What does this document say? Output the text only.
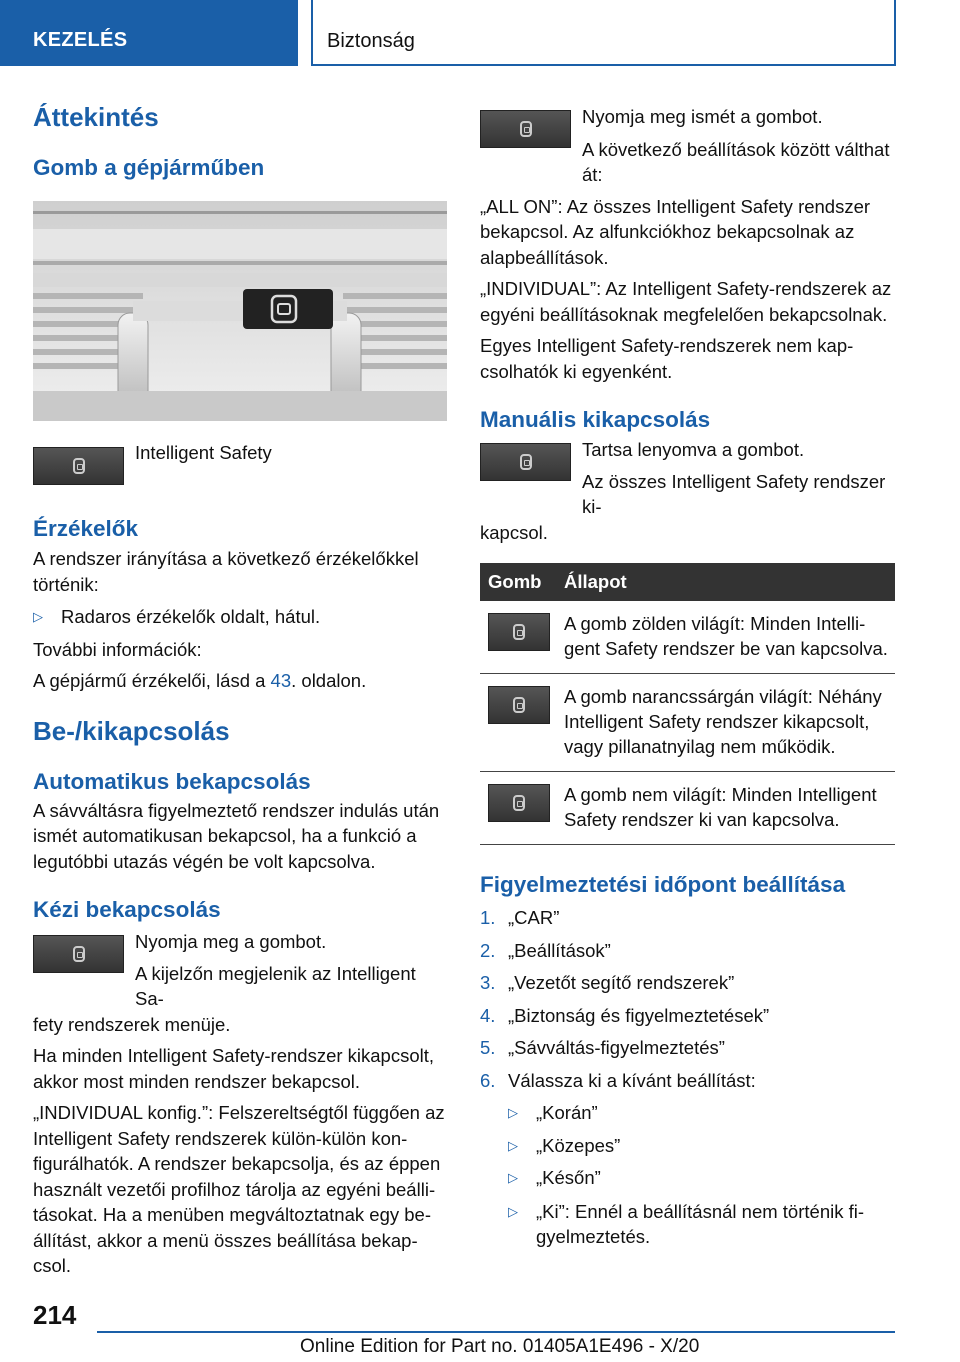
KEZELÉS	Biztonság
Áttekintés
Gomb a gépjárműben

Intelligent Safety

Érzékelők

A rendszer irányítása a következő érzékelőkkel történik:

▷ Radaros érzékelők oldalt, hátul.

További információk:

A gépjármű érzékelői, lásd a 43. oldalon.

Be-/kikapcsolás
Automatikus bekapcsolás

A sávváltásra figyelmeztető rendszer indulás után ismét automatikusan bekapcsol, ha a funkció a legutóbbi utazás végén be volt kapcsolva.

Kézi bekapcsolás

Nyomja meg a gombot.

A kijelzőn megjelenik az Intelligent Sa-

fety rendszerek menüje.

Ha minden Intelligent Safety-rendszer kikapcsolt, akkor most minden rendszer bekapcsol.

„INDIVIDUAL konfig.”: Felszereltségtől függően az Intelligent Safety rendszerek külön-külön konfigurálhatók. A rendszer bekapcsolja, és az éppen használt vezetői profilhoz tárolja az egyéni beállitásokat. Ha a menüben megváltoztatnak egy beállítást, akkor a menü összes beállítása bekapcsol.

Nyomja meg ismét a gombot.

A következő beállítások között válthat át:

„ALL ON”: Az összes Intelligent Safety rendszer bekapcsol. Az alfunkciókhoz bekapcsolnak az alapbeállítások.

„INDIVIDUAL”: Az Intelligent Safety-rendszerek az egyéni beállításoknak megfelelően bekapcsolnak.

Egyes Intelligent Safety-rendszerek nem kapcsolhatók ki egyenként.

Manuális kikapcsolás

Tartsa lenyomva a gombot.

Az összes Intelligent Safety rendszer ki-

kapcsol.

Gomb	Állapot

	A gomb zölden világít: Minden Intelligent Safety rendszer be van kapcsolva.

	A gomb narancssárgán világít: Néhány Intelligent Safety rendszer kikapcsolt, vagy pillanatnyilag nem működik.

	A gomb nem világít: Minden Intelligent Safety rendszer ki van kapcsolva.
Figyelmeztetési időpont beállítása
1. „CAR”
2. „Beállítások”
3. „Vezetőt segítő rendszerek”
4. „Biztonság és figyelmeztetések”
5. „Sávváltás-figyelmeztetés”
6. Válassza ki a kívánt beállítást:
▷ „Korán”
▷ „Közepes”
▷ „Későn”
▷ „Ki”: Ennél a beállításnál nem történik figyelmeztetés.
214
Online Edition for Part no. 01405A1E496 - X/20
